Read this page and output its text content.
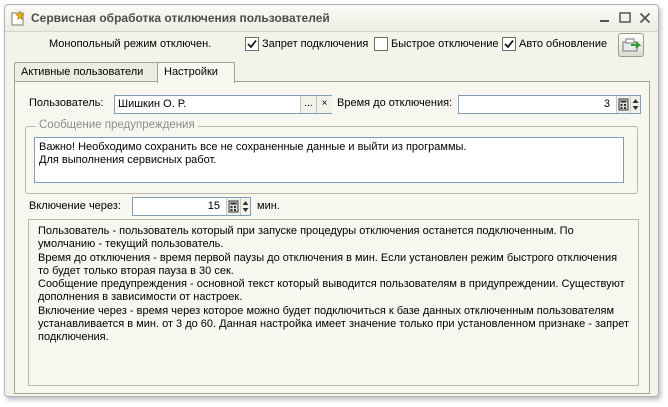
Сервисная обработка отключения пользователей
Монопольный режим отключен.	Запрет подключения Быстрое отключение Авто обновление
Активные пользователи	Настройки
Пользователь: Шишкин О. Р.	... × Время до отключения:	3
Сообщение предупреждения
Важно! Необходимо сохранить все не сохраненные данные и выйти из программы.
Для выполнения сервисных работ.
Включение через:	15	мин.
Пользователь - пользователь который при запуске процедуры отключения останется подключенным. По умолчанию - текущий пользователь.
Время до отключения - время первой паузы до отключения в мин. Если установлен режим быстрого отключения то будет только вторая пауза в 30 сек.
Сообщение предупреждения - основной текст который выводится пользователям в придупреждении. Существуют дополнения в зависимости от настроек.
Включение через - время через которое можно будет подключиться к базе данных отключенным пользователям устанавливается в мин. от 3 до 60. Данная настройка имеет значение только при установленном признаке - запрет подключения.
